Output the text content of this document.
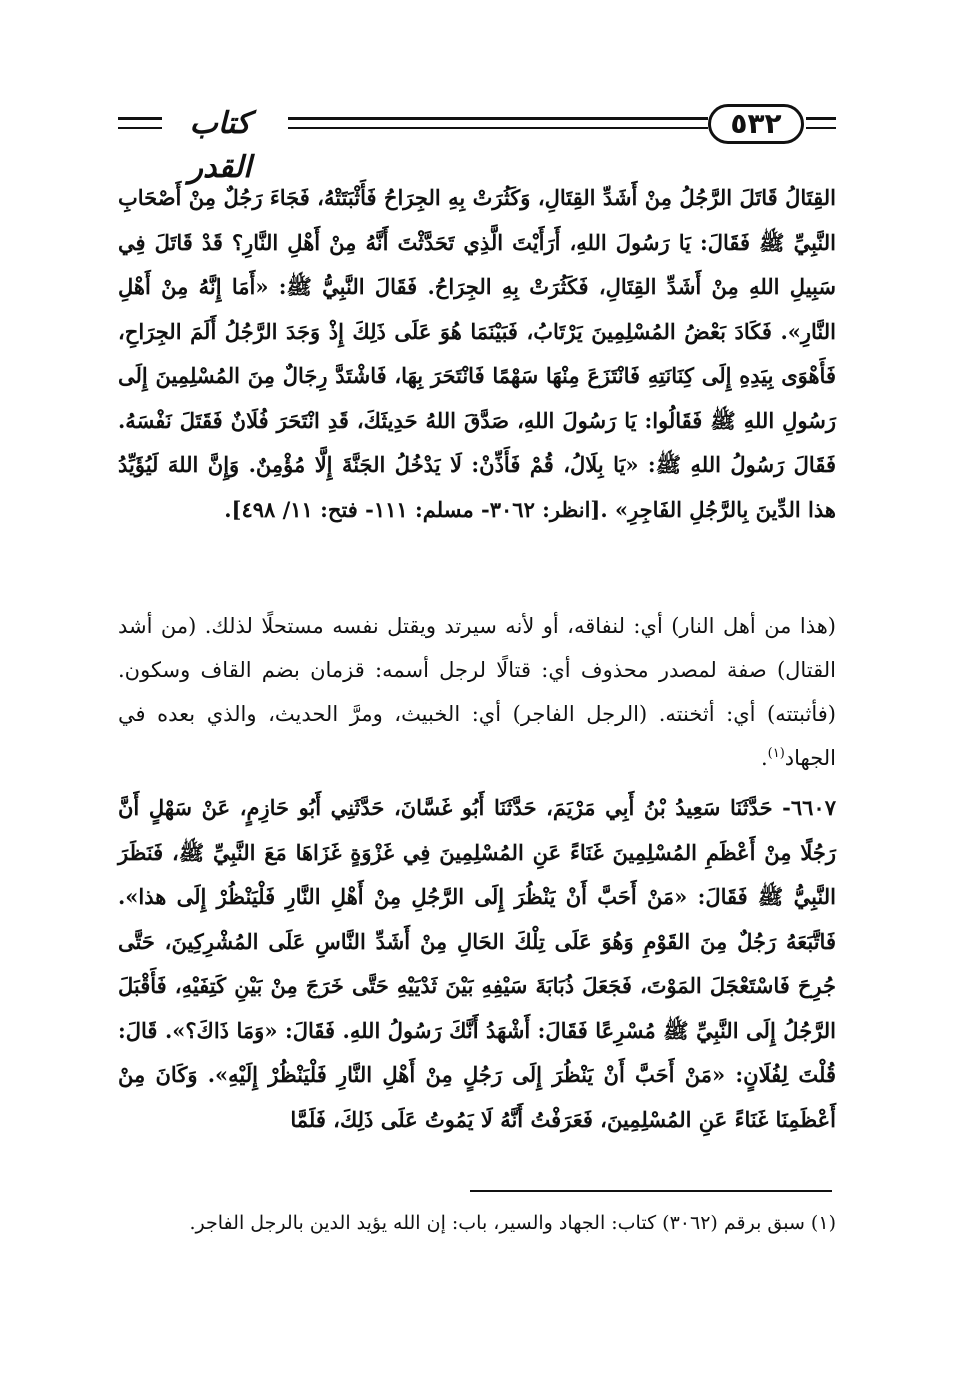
كتاب القدر
٥٣٢

القِتَالُ قَاتَلَ الرَّجُلُ مِنْ أَشَدِّ القِتَالِ، وَكَثُرَتْ بِهِ الجِرَاحُ فَأَثْبَتَتْهُ، فَجَاءَ رَجُلٌ مِنْ أَصْحَابِ النَّبِيِّ ﷺ فَقَالَ: يَا رَسُولَ اللهِ، أَرَأَيْتَ الَّذِي تَحَدَّثْتَ أَنَّهُ مِنْ أَهْلِ النَّارِ؟ قَدْ قَاتَلَ فِي سَبِيلِ اللهِ مِنْ أَشَدِّ القِتَالِ، فَكَثُرَتْ بِهِ الجِرَاحُ. فَقَالَ النَّبِيُّ ﷺ: «أَمَا إِنَّهُ مِنْ أَهْلِ النَّارِ». فَكَادَ بَعْضُ المُسْلِمِينَ يَرْتَابُ، فَبَيْنَمَا هُوَ عَلَى ذَلِكَ إِذْ وَجَدَ الرَّجُلُ أَلَمَ الجِرَاحِ، فَأَهْوَى بِيَدِهِ إِلَى كِنَانَتِهِ فَانْتَزَعَ مِنْهَا سَهْمًا فَانْتَحَرَ بِهَا، فَاشْتَدَّ رِجَالٌ مِنَ المُسْلِمِينَ إِلَى رَسُولِ اللهِ ﷺ فَقَالُوا: يَا رَسُولَ اللهِ، صَدَّقَ اللهُ حَدِيثَكَ، قَدِ انْتَحَرَ فُلَانٌ فَقَتَلَ نَفْسَهُ. فَقَالَ رَسُولُ اللهِ ﷺ: «يَا بِلَالُ، قُمْ فَأَذِّنْ: لَا يَدْخُلُ الجَنَّةَ إِلَّا مُؤْمِنٌ. وَإِنَّ اللهَ لَيُؤَيِّدُ هذا الدِّينَ بِالرَّجُلِ الفَاجِرِ» .[انظر: ٣٠٦٢- مسلم: ١١١- فتح: ١١/ ٤٩٨].

(هذا من أهل النار) أي: لنفاقه، أو لأنه سيرتد ويقتل نفسه مستحلًا لذلك. (من أشد القتال) صفة لمصدر محذوف أي: قتالًا لرجل أسمه: قزمان بضم القاف وسكون. (فأثبتته) أي: أثخنته. (الرجل الفاجر) أي: الخبيث، ومرَّ الحديث، والذي بعده في الجهاد$^{(١)}$.

٦٦٠٧- حَدَّثَنَا سَعِيدُ بْنُ أَبِي مَرْيَمَ، حَدَّثَنَا أَبُو غَسَّانَ، حَدَّثَنِي أَبُو حَازِمٍ، عَنْ سَهْلٍ أَنَّ رَجُلًا مِنْ أَعْظَمِ المُسْلِمِينَ غَنَاءً عَنِ المُسْلِمِينَ فِي غَزْوَةٍ غَزَاهَا مَعَ النَّبِيِّ ﷺ، فَنَظَرَ النَّبِيُّ ﷺ فَقَالَ: «مَنْ أَحَبَّ أَنْ يَنْظُرَ إِلَى الرَّجُلِ مِنْ أَهْلِ النَّارِ فَلْيَنْظُرْ إِلَى هذا». فَاتَّبَعَهُ رَجُلٌ مِنَ القَوْمِ وَهُوَ عَلَى تِلْكَ الحَالِ مِنْ أَشَدِّ النَّاسِ عَلَى المُشْرِكِينَ، حَتَّى جُرِحَ فَاسْتَعْجَلَ المَوْتَ، فَجَعَلَ ذُبَابَةَ سَيْفِهِ بَيْنَ ثَدْيَيْهِ حَتَّى خَرَجَ مِنْ بَيْنِ كَتِفَيْهِ، فَأَقْبَلَ الرَّجُلُ إِلَى النَّبِيِّ ﷺ مُسْرِعًا فَقَالَ: أَشْهَدُ أَنَّكَ رَسُولُ اللهِ. فَقَالَ: «وَمَا ذَاكَ؟». قَالَ: قُلْتَ لِفُلَانٍ: «مَنْ أَحَبَّ أَنْ يَنْظُرَ إِلَى رَجُلٍ مِنْ أَهْلِ النَّارِ فَلْيَنْظُرْ إِلَيْهِ». وَكَانَ مِنْ أَعْظَمِنَا غَنَاءً عَنِ المُسْلِمِينَ، فَعَرَفْتُ أَنَّهُ لَا يَمُوتُ عَلَى ذَلِكَ، فَلَمَّا

(١) سبق برقم (٣٠٦٢) كتاب: الجهاد والسير، باب: إن الله يؤيد الدين بالرجل الفاجر.
